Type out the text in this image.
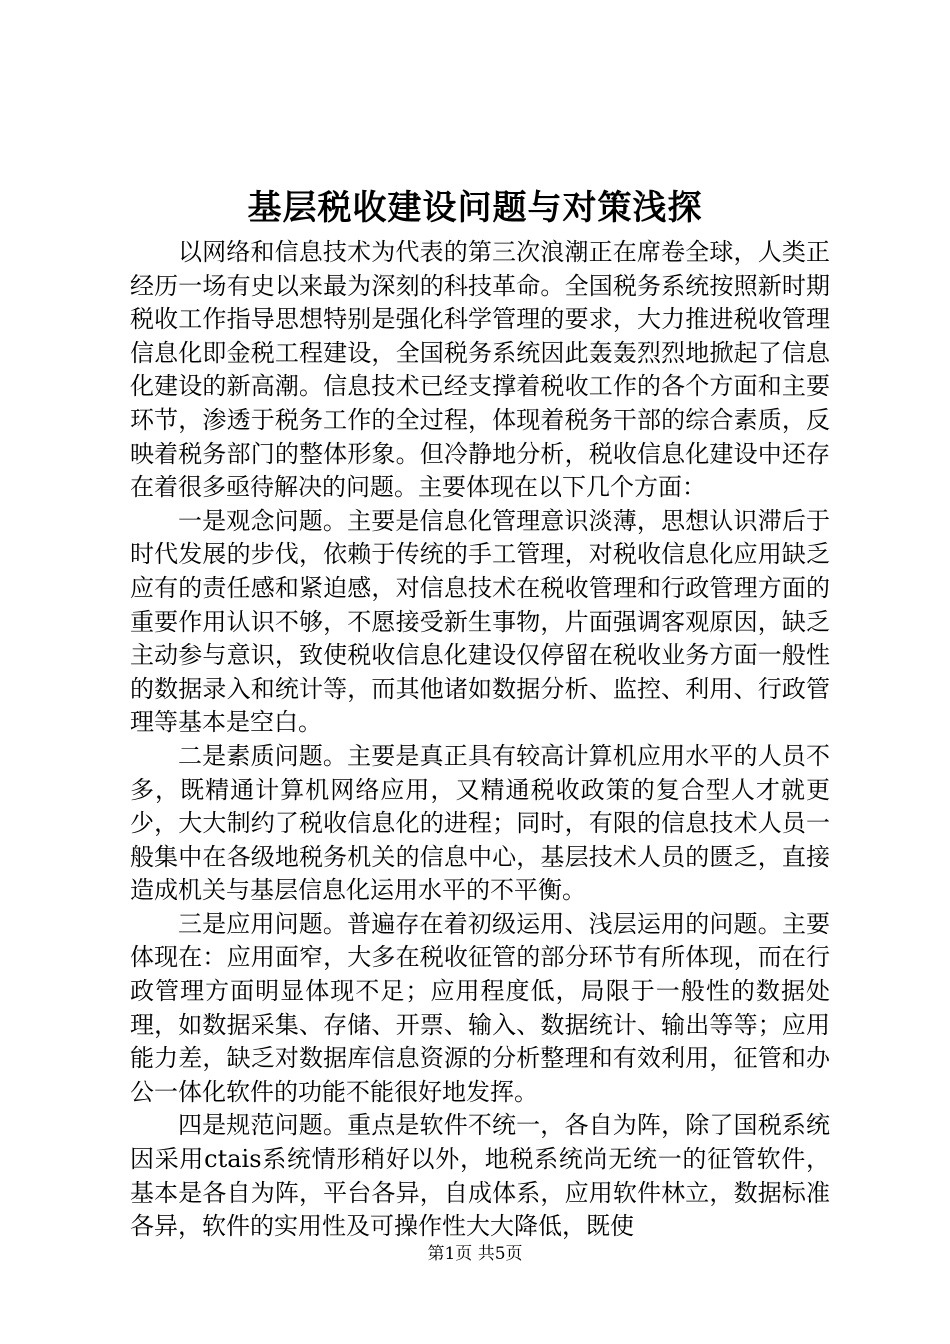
基层税收建设问题与对策浅探

以网络和信息技术为代表的第三次浪潮正在席卷全球，人类正经历一场有史以来最为深刻的科技革命。全国税务系统按照新时期税收工作指导思想特别是强化科学管理的要求，大力推进税收管理信息化即金税工程建设，全国税务系统因此轰轰烈烈地掀起了信息化建设的新高潮。信息技术已经支撑着税收工作的各个方面和主要环节，渗透于税务工作的全过程，体现着税务干部的综合素质，反映着税务部门的整体形象。但冷静地分析，税收信息化建设中还存在着很多亟待解决的问题。主要体现在以下几个方面：

一是观念问题。主要是信息化管理意识淡薄，思想认识滞后于时代发展的步伐，依赖于传统的手工管理，对税收信息化应用缺乏应有的责任感和紧迫感，对信息技术在税收管理和行政管理方面的重要作用认识不够，不愿接受新生事物，片面强调客观原因，缺乏主动参与意识，致使税收信息化建设仅停留在税收业务方面一般性的数据录入和统计等，而其他诸如数据分析、监控、利用、行政管理等基本是空白。

二是素质问题。主要是真正具有较高计算机应用水平的人员不多，既精通计算机网络应用，又精通税收政策的复合型人才就更少，大大制约了税收信息化的进程；同时，有限的信息技术人员一般集中在各级地税务机关的信息中心，基层技术人员的匮乏，直接造成机关与基层信息化运用水平的不平衡。

三是应用问题。普遍存在着初级运用、浅层运用的问题。主要体现在：应用面窄，大多在税收征管的部分环节有所体现，而在行政管理方面明显体现不足；应用程度低，局限于一般性的数据处理，如数据采集、存储、开票、输入、数据统计、输出等等；应用能力差，缺乏对数据库信息资源的分析整理和有效利用，征管和办公一体化软件的功能不能很好地发挥。

四是规范问题。重点是软件不统一，各自为阵，除了国税系统因采用ctais系统情形稍好以外，地税系统尚无统一的征管软件，基本是各自为阵，平台各异，自成体系，应用软件林立，数据标准各异，软件的实用性及可操作性大大降低，既使

第1页 共5页
